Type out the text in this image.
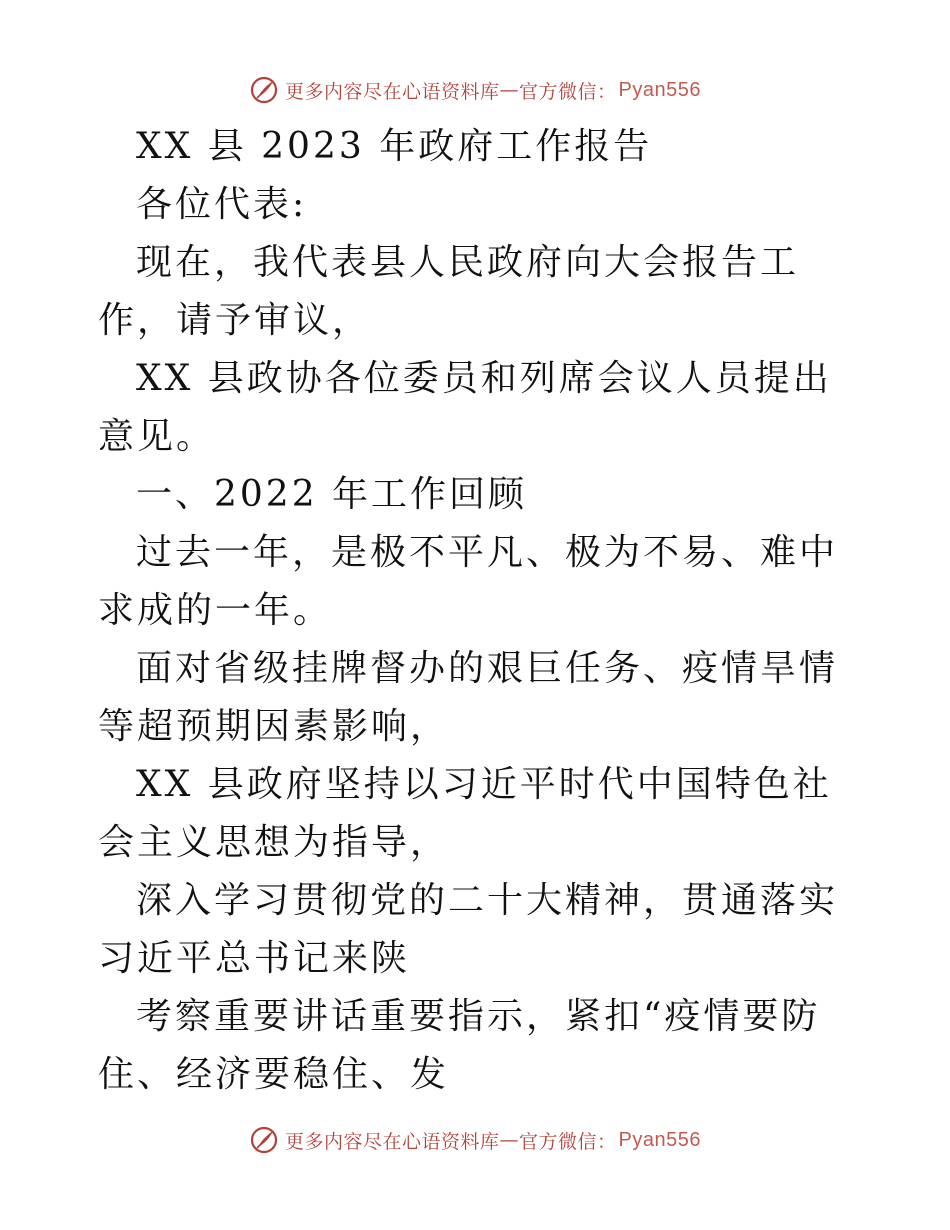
更多内容尽在心语资料库 — 官方微信： Pyan556

XX 县 2023 年政府工作报告

各位代表:

现在，我代表县人民政府向大会报告工作，请予审议，

XX 县政协各位委员和列席会议人员提出意见。

一、2022 年工作回顾

过去一年，是极不平凡、极为不易、难中求成的一年。

面对省级挂牌督办的艰巨任务、疫情旱情等超预期因素影响，

XX 县政府坚持以习近平时代中国特色社会主义思想为指导，

深入学习贯彻党的二十大精神，贯通落实习近平总书记来陕

考察重要讲话重要指示，紧扣“疫情要防住、经济要稳住、发

更多内容尽在心语资料库 — 官方微信： Pyan556
